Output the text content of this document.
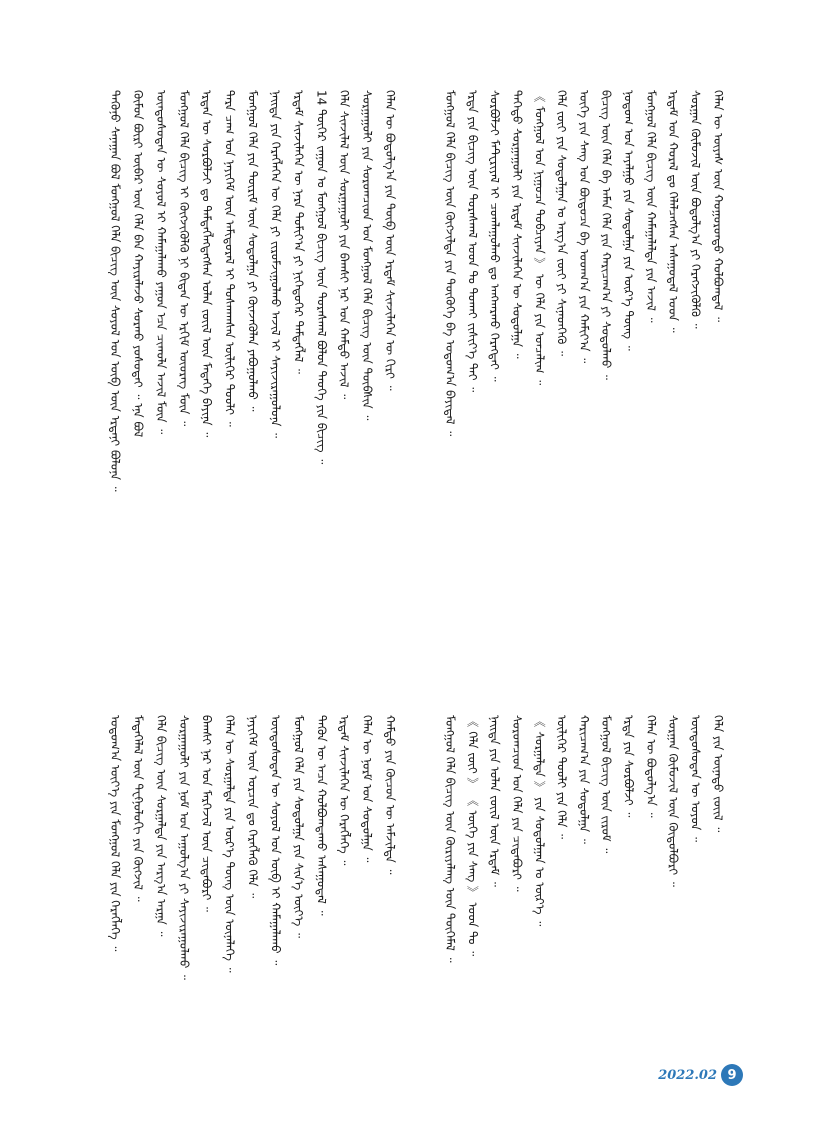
ᠲᠡᠭᠦᠨᠦ ᠰᠠᠨᠠᠭᠠᠨ ᠪᠣᠯ ᠮᠣᠩᠭᠣᠯ ᠬᠡᠯᠡ ᠪᠢᠴᠢᠭ ᠦᠨ ᠰᠣᠶᠣᠯ ᠤᠨ ᠦᠪ ᠦᠨ ᠡᠷᠳᠡᠨᠢ ᠪᠣᠯᠤᠨᠠ ᠃ ᠬᠦᠮᠦᠨ ᠪᠦᠷᠢ ᠥᠪᠡᠷ ᠦᠨ ᠬᠡᠯᠡ ᠪᠡᠨ ᠬᠠᠶᠢᠷᠠᠯᠠᠵᠤ ᠰᠤᠷᠬᠤ ᠶᠣᠰᠣᠲᠠᠢ ᠃ ᠡᠨᠡ ᠪᠣᠯ ᠦᠨᠳᠦᠰᠦᠲᠡᠨ ᠦ ᠰᠣᠶᠣᠯ ᠢ ᠬᠠᠮᠠᠭᠠᠯᠠᠬᠤ ᠶᠠᠭᠤᠨ ᠡᠴᠡ ᠴᠢᠬᠤᠯᠠ ᠠᠵᠢᠯ ᠮᠥᠨ ᠃ ᠮᠣᠩᠭᠣᠯ ᠬᠡᠯᠡ ᠪᠢᠴᠢᠭ ᠢ ᠬᠥᠭᠵᠢᠭᠦᠯᠬᠦ ᠨᠢ ᠪᠢᠳᠡᠨ ᠦ ᠡᠷᠬᠢᠮ ᠦᠦᠷᠡᠭ ᠮᠥᠨ ᠃ ᠡᠷᠲᠡᠨ ᠦ ᠰᠤᠷᠪᠤᠯᠵᠢ ᠳᠤ ᠲᠡᠮᠳᠡᠭᠯᠡᠭᠳᠡᠭᠰᠡᠨ ᠣᠯᠠᠨ ᠵᠦᠢᠯ ᠦᠨ ᠮᠡᠳᠡᠭᠡ ᠪᠠᠶᠢᠨᠠ ᠃ ᠲᠡᠷᠡ ᠴᠠᠭ ᠤᠨ ᠨᠡᠶᠢᠭᠡᠮ ᠦᠨ ᠠᠮᠢᠳᠤᠷᠠᠯ ᠢ ᠲᠤᠰᠬᠠᠭᠰᠠᠨ ᠦᠯᠢᠭᠡᠷ ᠳᠤᠤᠯᠢ ᠃ ᠮᠣᠩᠭᠣᠯ ᠬᠡᠯᠡ ᠶᠢᠨ ᠳᠦᠷᠢᠮ ᠦᠨ ᠰᠤᠳᠤᠯᠭᠠ ᠶᠢ ᠭᠦᠨᠵᠡᠭᠦᠯᠡᠨ ᠶᠠᠪᠤᠭᠤᠯᠬᠤ ᠃ ᠨᠡᠢᠲᠡ ᠶᠢᠨ ᠬᠡᠷᠡᠭᠯᠡᠭᠡᠨ ᠦ ᠬᠡᠯᠡ ᠶᠢ ᠵᠢᠷᠤᠮᠵᠢᠭᠤᠯᠬᠤ ᠠᠵᠢᠯ ᠢ ᠰᠠᠶᠢᠵᠢᠷᠠᠭᠤᠯᠤᠨᠠ ᠃ ᠡᠷᠳᠡᠮ ᠰᠢᠨᠵᠢᠯᠡᠭᠡᠨ ᠦ ᠨᠡᠷᠡ ᠲᠣᠮᠢᠶ᠎ᠠ ᠶᠢ ᠨᠢᠭᠡᠳᠦᠭᠡᠷ ᠲᠡᠮᠳᠡᠭᠯᠡᠯ ᠃ 14 ᠳᠦᠭᠡᠷ ᠵᠠᠭᠤᠨ ᠤ ᠮᠣᠩᠭᠣᠯ ᠪᠢᠴᠢᠭ ᠦᠨ ᠳᠤᠷᠠᠰᠬᠠᠯ ᠪᠣᠯᠤᠨ ᠲᠡᠦᠬᠡ ᠶᠢᠨ ᠪᠢᠴᠢᠭ ᠃ ᠬᠡᠯᠡ ᠰᠢᠨᠵᠢᠯᠡᠯ ᠦᠨ ᠰᠤᠷᠭᠠᠭᠤᠯᠢ ᠶᠢᠨ ᠪᠠᠭᠰᠢ ᠨᠠᠷ ᠤᠨ ᠬᠠᠮᠲᠤ ᠠᠵᠢᠯ ᠃ ᠰᠤᠷᠭᠠᠭᠤᠯᠢ ᠶᠢᠨ ᠰᠤᠷᠤᠭᠴᠢᠳ ᠤᠨ ᠮᠣᠩᠭᠣᠯ ᠬᠡᠯᠡ ᠪᠢᠴᠢᠭ ᠦᠨ ᠲᠦᠪᠰᠢᠨ ᠃ ᠬᠡᠯᠡᠨ ᠦ ᠪᠣᠳᠣᠯᠭ᠎ᠠ ᠶᠢᠨ ᠲᠥᠪ ᠦᠨ ᠡᠷᠳᠡᠮ ᠰᠢᠨᠵᠢᠯᠡᠭᠡᠨ ᠦ ᠬᠢᠷᠢ ᠃	ᠮᠣᠩᠭᠣᠯ ᠬᠡᠯᠡ ᠪᠢᠴᠢᠭ ᠦᠨ ᠬᠥᠭᠵᠢᠯᠲᠡ ᠶᠢᠨ ᠲᠦᠭᠦᠬᠡ ᠪᠠ ᠣᠳᠣᠭ᠎ᠠ ᠪᠠᠶᠢᠳᠠᠯ ᠃ ᠡᠷᠲᠡ ᠶᠢᠨ ᠪᠢᠴᠢᠭ ᠦᠨ ᠳᠤᠷᠠᠰᠬᠠᠯ ᠤᠳ ᠲᠤ ᠲᠤᠬᠠᠢ ᠵᠢᠱᠢᠶ᠎ᠡ ᠲᠠᠢ ᠃ ᠰᠤᠷᠪᠤᠯᠵᠢ ᠮᠠᠲ᠋ᠧᠷᠢᠶᠠᠯ ᠢ ᠴᠤᠭᠯᠠᠭᠤᠯᠬᠤ ᠳᠤ ᠠᠩᠬᠠᠷᠬᠤ ᠬᠡᠷᠡᠭᠲᠡᠢ ᠃ ᠳᠡᠭᠡᠳᠦ ᠰᠤᠷᠭᠠᠭᠤᠯᠢ ᠶᠢᠨ ᠡᠷᠳᠡᠮ ᠰᠢᠨᠵᠢᠯᠡᠭᠡᠨ ᠦ ᠰᠤᠳᠤᠯᠭᠠ ᠃ 《 ᠮᠣᠩᠭᠣᠯ ᠤᠨ ᠨᠢᠭᠤᠴᠠ ᠲᠣᠪᠴᠢᠶᠠᠨ 》 ᠦ ᠬᠡᠯᠡ ᠶᠢᠨ ᠣᠨᠴᠠᠯᠢᠭ ᠃ ᠬᠡᠯᠡ ᠵᠦᠢ ᠶᠢᠨ ᠰᠤᠳᠤᠯᠭᠠᠨ ᠤ ᠠᠷᠭ᠎ᠠ ᠵᠦᠢ ᠶᠢ ᠰᠢᠨᠡᠳᠬᠡᠬᠦ ᠃ ᠦᠭᠡ ᠶᠢᠨ ᠰᠠᠩ ᠤᠨ ᠪᠦᠲᠦᠴᠡ ᠪᠠ ᠤᠳᠬ᠎ᠠ ᠶᠢᠨ ᠬᠠᠮᠢᠶ᠎ᠠ ᠃ ᠪᠢᠴᠢᠭ ᠦᠨ ᠬᠡᠯᠡ ᠪᠠ ᠠᠮᠠᠨ ᠬᠡᠯᠡ ᠶᠢᠨ ᠬᠠᠷᠢᠴᠠᠭ᠎ᠠ ᠶᠢ ᠰᠤᠳᠤᠯᠬᠤ ᠃ ᠨᠤᠲᠤᠭ ᠤᠨ ᠠᠶᠠᠯᠭᠤ ᠶᠢᠨ ᠰᠤᠳᠤᠯᠭᠠ ᠶᠢᠨ ᠦᠷ᠎ᠡ ᠳᠦᠩ ᠃ ᠮᠣᠩᠭᠣᠯ ᠬᠡᠯᠡ ᠪᠢᠴᠢᠭ ᠦᠨ ᠬᠠᠮᠠᠭᠠᠯᠠᠯᠲᠠ ᠶᠢᠨ ᠠᠵᠢᠯ ᠃ ᠡᠷᠳᠡᠮ ᠤᠨ ᠬᠤᠷᠠᠯ ᠳᠤ ᠬᠡᠯᠡᠯᠴᠡᠭᠰᠡᠨ ᠠᠰᠠᠭᠤᠳᠠᠯ ᠤᠳ ᠃ ᠰᠤᠷᠭᠠᠨ ᠬᠦᠮᠦᠵᠢᠯ ᠦᠨ ᠪᠣᠳᠣᠯᠭ᠎ᠠ ᠶᠢ ᠬᠡᠷᠡᠭᠵᠢᠭᠦᠯᠬᠦ ᠃ ᠬᠡᠯᠡᠨ ᠦ ᠦᠶᠡᠰ ᠦᠨ ᠬᠣᠭᠣᠷᠤᠨᠳᠤ ᠬᠣᠯᠪᠣᠭᠳᠠᠯ ᠃
ᠣᠳᠣᠭ᠎ᠠ ᠦᠶ᠎ᠡ ᠶᠢᠨ ᠮᠣᠩᠭᠣᠯ ᠬᠡᠯᠡ ᠶᠢᠨ ᠬᠡᠷᠡᠭᠯᠡᠭᠡ ᠃ ᠮᠡᠳᠡᠭᠡᠯᠡᠯ ᠦᠨ ᠲᠧᠻᠨᠣᠯᠣᠭᠢ ᠶᠢᠨ ᠬᠥᠭᠵᠢᠯ ᠃ ᠬᠡᠯᠡ ᠪᠢᠴᠢᠭ ᠦᠨ ᠰᠤᠷᠭᠠᠯᠲᠠ ᠶᠢᠨ ᠠᠷᠭ᠎ᠠ ᠠᠷᠭᠠ ᠃ ᠰᠤᠷᠭᠠᠭᠤᠯᠢ ᠶᠢᠨ ᠨᠣᠮ ᠤᠨ ᠠᠭᠤᠯᠭ᠎ᠠ ᠶᠢ ᠰᠠᠶᠢᠵᠢᠷᠠᠭᠤᠯᠬᠤ ᠃ ᠪᠠᠭᠰᠢ ᠨᠠᠷ ᠤᠨ ᠮᠡᠷᠭᠡᠵᠢᠯ ᠦᠨ ᠴᠢᠳᠠᠪᠤᠷᠢ ᠃ ᠬᠡᠯᠡᠨ ᠦ ᠰᠤᠷᠭᠠᠯᠲᠠ ᠶᠢᠨ ᠦᠷ᠎ᠡ ᠳᠦᠩ ᠦᠨ ᠦᠨᠡᠯᠡᠭᠡ ᠃ ᠨᠡᠶᠢᠭᠡᠮ ᠦᠨ ᠣᠷᠴᠢᠨ ᠳᠤ ᠬᠡᠷᠡᠭᠯᠡᠬᠦ ᠬᠡᠯᠡ ᠃ ᠦᠨᠳᠦᠰᠦᠲᠡᠨ ᠦ ᠰᠣᠶᠣᠯ ᠤᠨ ᠥᠪ ᠢ ᠬᠠᠮᠠᠭᠠᠯᠠᠬᠤ ᠃ ᠮᠣᠩᠭᠣᠯ ᠬᠡᠯᠡ ᠶᠢᠨ ᠰᠤᠳᠤᠯᠭᠠ ᠶᠢᠨ ᠰᠢᠨ᠎ᠡ ᠦᠶ᠎ᠡ ᠃ ᠲᠡᠭᠦᠨ ᠦ ᠠᠴᠠ ᠬᠣᠯᠪᠣᠭᠳᠠᠬᠤ ᠠᠰᠠᠭᠤᠳᠠᠯ ᠃ ᠡᠷᠳᠡᠮ ᠰᠢᠨᠵᠢᠯᠡᠭᠡᠨ ᠦ ᠬᠡᠷᠡᠭᠯᠡᠭᠡ ᠃ ᠬᠡᠯᠡᠨ ᠦ ᠨᠣᠷᠮ ᠤᠨ ᠰᠤᠳᠤᠯᠭᠠ ᠃ ᠬᠠᠮᠲᠤ ᠶᠢᠨ ᠬᠦᠴᠦᠨ ᠦ ᠠᠮᠵᠢᠯᠲᠠ ᠃	ᠮᠣᠩᠭᠣᠯ ᠬᠡᠯᠡ ᠪᠢᠴᠢᠭ ᠦᠨ ᠬᠦᠷᠢᠶᠡᠯᠡᠩ ᠦᠨ ᠲᠦᠭᠡᠮᠡᠯ ᠃ 《 ᠬᠡᠯᠡ ᠵᠦᠢ 》 《 ᠦᠭᠡ ᠶᠢᠨ ᠰᠠᠩ 》 ᠤᠳ ᠲᠤ ᠃ ᠨᠡᠢᠲᠡ ᠶᠢᠨ ᠣᠯᠠᠨ ᠵᠦᠢᠯ ᠦᠨ ᠡᠷᠳᠡᠮ ᠃ ᠰᠤᠷᠤᠭᠴᠢᠳ ᠤᠨ ᠬᠡᠯᠡ ᠶᠢᠨ ᠴᠢᠳᠠᠪᠤᠷᠢ ᠃ 《 ᠰᠤᠷᠭᠠᠯᠲᠠ 》 ᠶᠢᠨ ᠰᠤᠳᠤᠯᠭᠠᠨ ᠤ ᠦᠷ᠎ᠡ ᠃ ᠦᠯᠢᠭᠡᠷ ᠳᠤᠤᠯᠢ ᠶᠢᠨ ᠬᠡᠯᠡ ᠃ ᠬᠠᠷᠢᠴᠠᠭ᠎ᠠ ᠶᠢᠨ ᠰᠤᠳᠤᠯᠭᠠ ᠃ ᠮᠣᠩᠭᠣᠯ ᠪᠢᠴᠢᠭ ᠦᠨ ᠵᠢᠷᠤᠮ ᠃ ᠡᠷᠲᠡ ᠶᠢᠨ ᠰᠤᠷᠪᠤᠯᠵᠢ ᠃ ᠬᠡᠯᠡᠨ ᠦ ᠪᠣᠳᠣᠯᠭ᠎ᠠ ᠃ ᠰᠤᠷᠭᠠᠨ ᠬᠦᠮᠦᠵᠢᠯ ᠦᠨ ᠬᠥᠲᠦᠯᠪᠦᠷᠢ ᠃ ᠦᠨᠳᠦᠰᠦᠲᠡᠨ ᠦ ᠣᠶᠤᠨ ᠃ ᠬᠡᠯᠡ ᠶᠢᠨ ᠦᠨᠡᠲᠦ ᠵᠦᠢᠯ ᠃
2022.02 9
